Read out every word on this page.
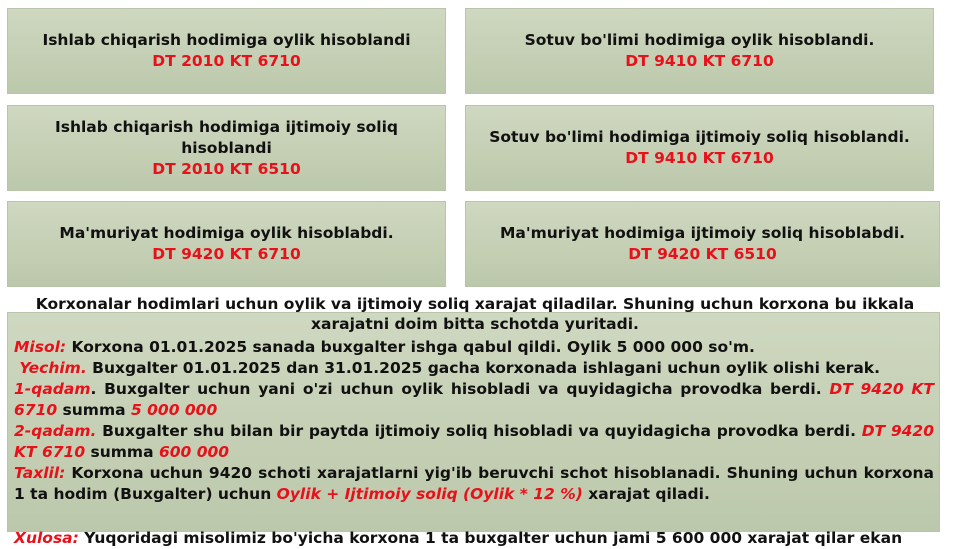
Ishlab chiqarish hodimiga oylik hisoblandi
DT 2010 KT 6710
Sotuv bo'limi hodimiga oylik hisoblandi.
DT 9410 KT 6710
Ishlab chiqarish hodimiga ijtimoiy soliq hisoblandi
DT 2010 KT 6510
Sotuv bo'limi hodimiga ijtimoiy soliq hisoblandi.
DT 9410 KT 6710
Ma'muriyat hodimiga oylik hisoblabdi.
DT 9420 KT 6710
Ma'muriyat hodimiga ijtimoiy soliq hisoblabdi.
DT 9420 KT 6510
Korxonalar hodimlari uchun oylik va ijtimoiy soliq xarajat qiladilar. Shuning uchun korxona bu ikkala xarajatni doim bitta schotda yuritadi.

Misol: Korxona 01.01.2025 sanada buxgalter ishga qabul qildi. Oylik 5 000 000 so'm.

Yechim. Buxgalter 01.01.2025 dan 31.01.2025 gacha korxonada ishlagani uchun oylik olishi kerak.

1-qadam. Buxgalter uchun yani o'zi uchun oylik hisobladi va quyidagicha provodka berdi. DT 9420 KT 6710 summa 5 000 000

2-qadam. Buxgalter shu bilan bir paytda ijtimoiy soliq hisobladi va quyidagicha provodka berdi. DT 9420 KT 6710 summa 600 000

Taxlil: Korxona uchun 9420 schoti xarajatlarni yig'ib beruvchi schot hisoblanadi. Shuning uchun korxona 1 ta hodim (Buxgalter) uchun Oylik + Ijtimoiy soliq (Oylik * 12 %) xarajat qiladi.

Xulosa: Yuqoridagi misolimiz bo'yicha korxona 1 ta buxgalter uchun jami 5 600 000 xarajat qilar ekan
